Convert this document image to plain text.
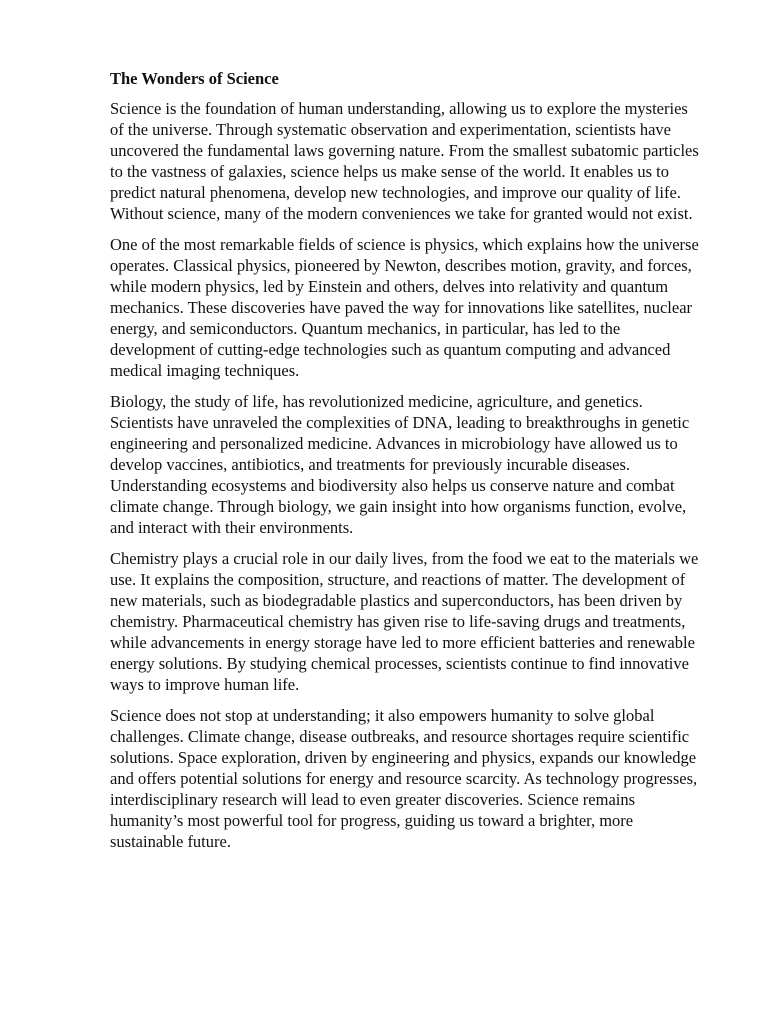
The Wonders of Science

Science is the foundation of human understanding, allowing us to explore the mysteries of the universe. Through systematic observation and experimentation, scientists have uncovered the fundamental laws governing nature. From the smallest subatomic particles to the vastness of galaxies, science helps us make sense of the world. It enables us to predict natural phenomena, develop new technologies, and improve our quality of life. Without science, many of the modern conveniences we take for granted would not exist.

One of the most remarkable fields of science is physics, which explains how the universe operates. Classical physics, pioneered by Newton, describes motion, gravity, and forces, while modern physics, led by Einstein and others, delves into relativity and quantum mechanics. These discoveries have paved the way for innovations like satellites, nuclear energy, and semiconductors. Quantum mechanics, in particular, has led to the development of cutting-edge technologies such as quantum computing and advanced medical imaging techniques.

Biology, the study of life, has revolutionized medicine, agriculture, and genetics. Scientists have unraveled the complexities of DNA, leading to breakthroughs in genetic engineering and personalized medicine. Advances in microbiology have allowed us to develop vaccines, antibiotics, and treatments for previously incurable diseases. Understanding ecosystems and biodiversity also helps us conserve nature and combat climate change. Through biology, we gain insight into how organisms function, evolve, and interact with their environments.

Chemistry plays a crucial role in our daily lives, from the food we eat to the materials we use. It explains the composition, structure, and reactions of matter. The development of new materials, such as biodegradable plastics and superconductors, has been driven by chemistry. Pharmaceutical chemistry has given rise to life-saving drugs and treatments, while advancements in energy storage have led to more efficient batteries and renewable energy solutions. By studying chemical processes, scientists continue to find innovative ways to improve human life.

Science does not stop at understanding; it also empowers humanity to solve global challenges. Climate change, disease outbreaks, and resource shortages require scientific solutions. Space exploration, driven by engineering and physics, expands our knowledge and offers potential solutions for energy and resource scarcity. As technology progresses, interdisciplinary research will lead to even greater discoveries. Science remains humanity’s most powerful tool for progress, guiding us toward a brighter, more sustainable future.
